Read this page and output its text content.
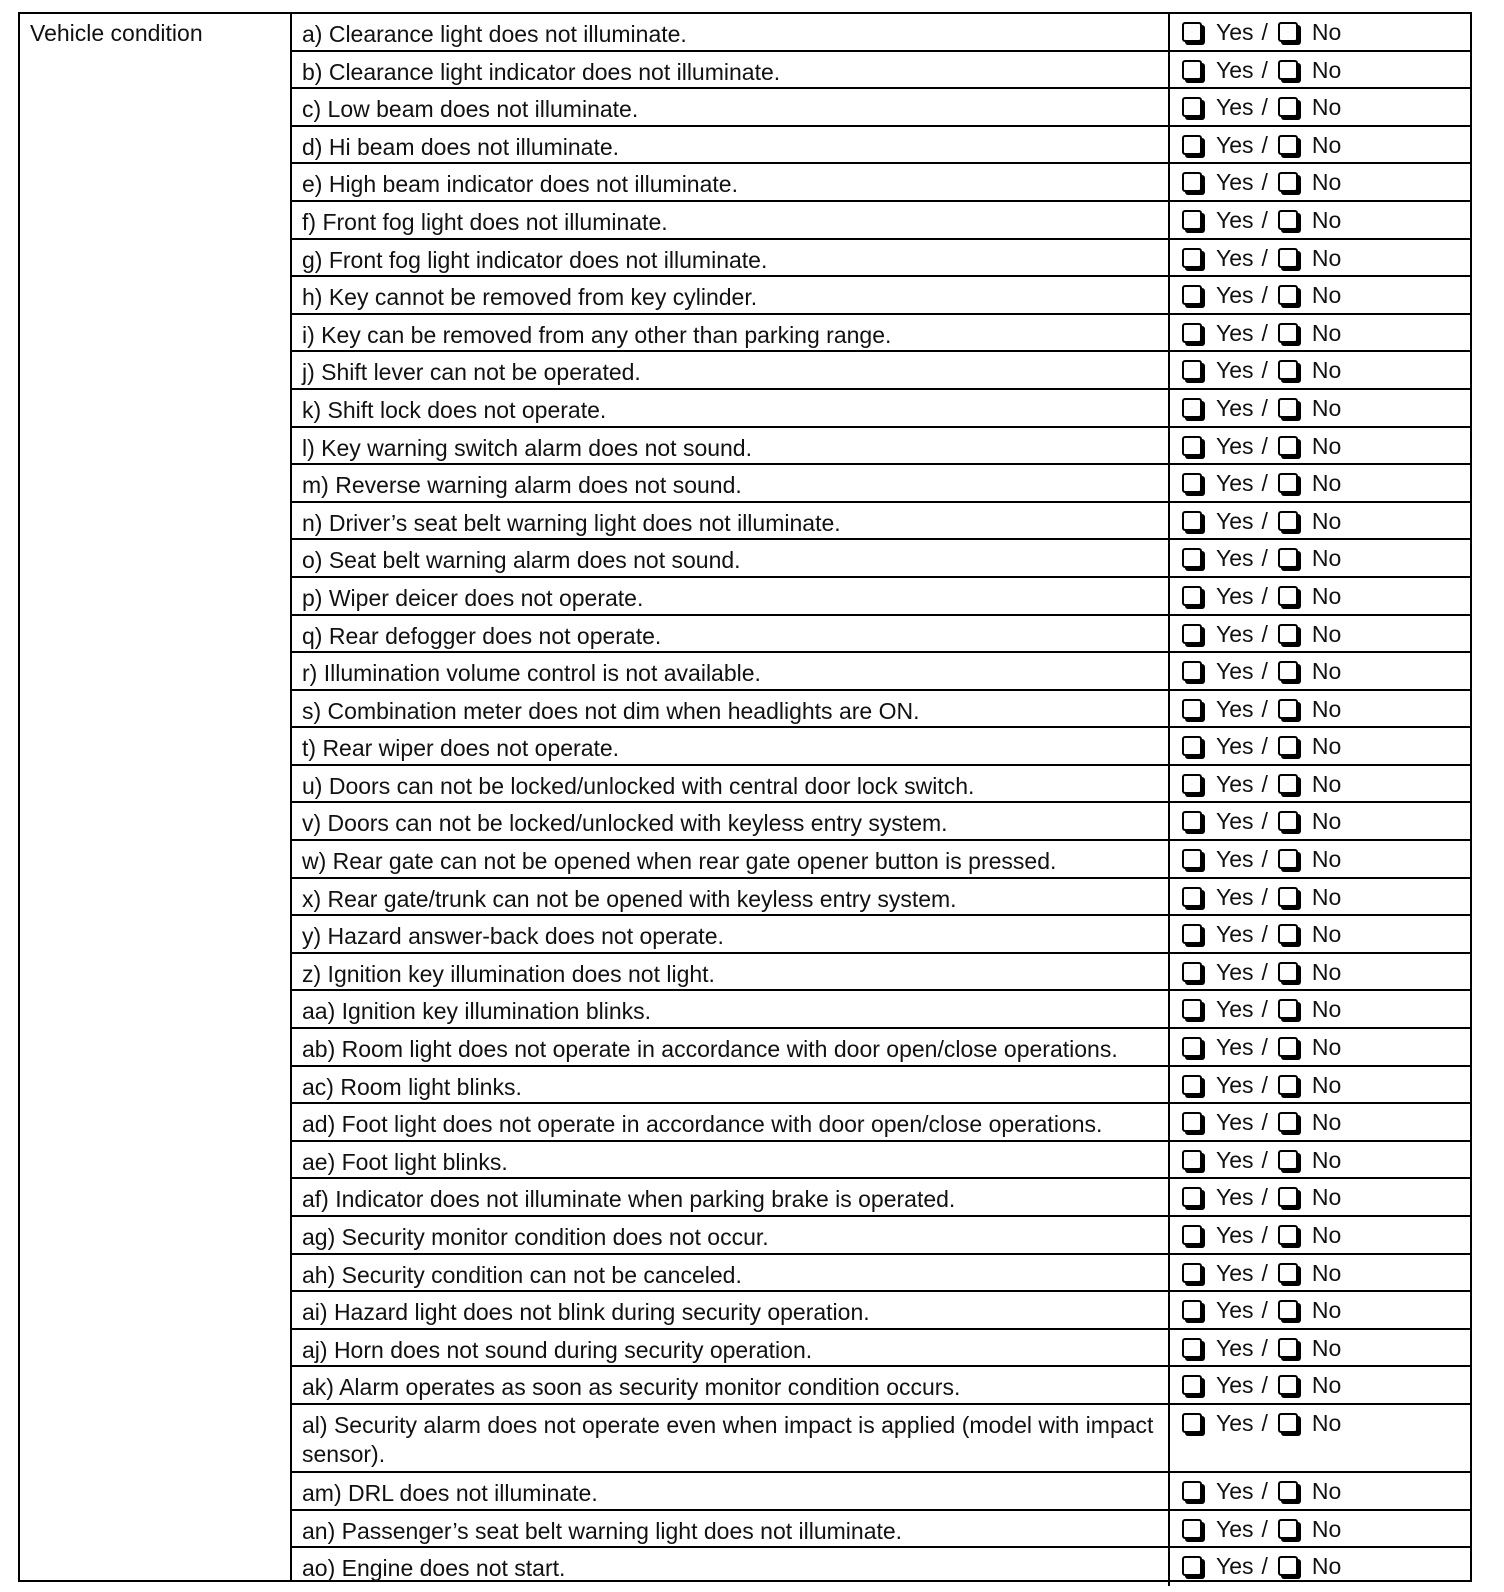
Vehicle condition	a) Clearance light does not illuminate.	Yes / No
b) Clearance light indicator does not illuminate.	Yes / No
c) Low beam does not illuminate.	Yes / No
d) Hi beam does not illuminate.	Yes / No
e) High beam indicator does not illuminate.	Yes / No
f) Front fog light does not illuminate.	Yes / No
g) Front fog light indicator does not illuminate.	Yes / No
h) Key cannot be removed from key cylinder.	Yes / No
i) Key can be removed from any other than parking range.	Yes / No
j) Shift lever can not be operated.	Yes / No
k) Shift lock does not operate.	Yes / No
l) Key warning switch alarm does not sound.	Yes / No
m) Reverse warning alarm does not sound.	Yes / No
n) Driver’s seat belt warning light does not illuminate.	Yes / No
o) Seat belt warning alarm does not sound.	Yes / No
p) Wiper deicer does not operate.	Yes / No
q) Rear defogger does not operate.	Yes / No
r) Illumination volume control is not available.	Yes / No
s) Combination meter does not dim when headlights are ON.	Yes / No
t) Rear wiper does not operate.	Yes / No
u) Doors can not be locked/unlocked with central door lock switch.	Yes / No
v) Doors can not be locked/unlocked with keyless entry system.	Yes / No
w) Rear gate can not be opened when rear gate opener button is pressed.	Yes / No
x) Rear gate/trunk can not be opened with keyless entry system.	Yes / No
y) Hazard answer-back does not operate.	Yes / No
z) Ignition key illumination does not light.	Yes / No
aa) Ignition key illumination blinks.	Yes / No
ab) Room light does not operate in accordance with door open/close operations.	Yes / No
ac) Room light blinks.	Yes / No
ad) Foot light does not operate in accordance with door open/close operations.	Yes / No
ae) Foot light blinks.	Yes / No
af) Indicator does not illuminate when parking brake is operated.	Yes / No
ag) Security monitor condition does not occur.	Yes / No
ah) Security condition can not be canceled.	Yes / No
ai) Hazard light does not blink during security operation.	Yes / No
aj) Horn does not sound during security operation.	Yes / No
ak) Alarm operates as soon as security monitor condition occurs.	Yes / No
al) Security alarm does not operate even when impact is applied (model with impact sensor).
Yes / No
am) DRL does not illuminate.	Yes / No
an) Passenger’s seat belt warning light does not illuminate.	Yes / No
ao) Engine does not start.	Yes / No
